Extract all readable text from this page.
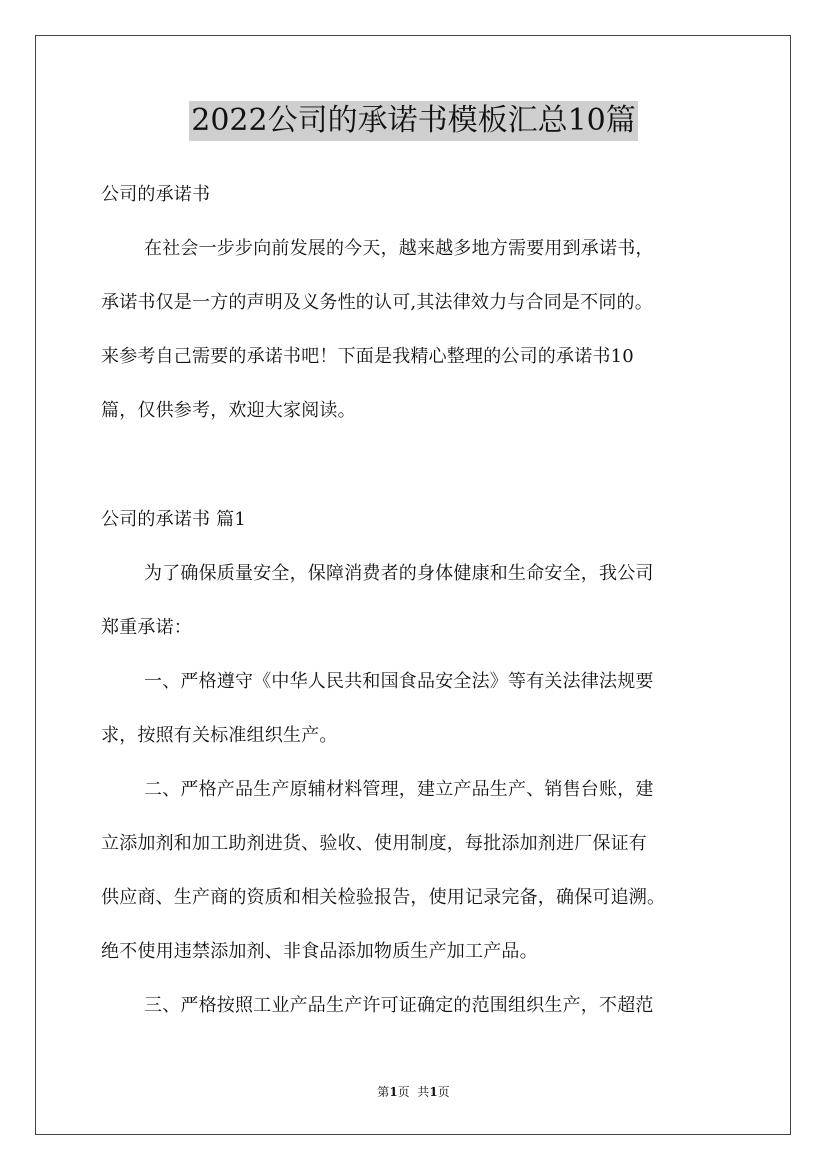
2022公司的承诺书模板汇总10篇
公司的承诺书
在社会一步步向前发展的今天，越来越多地方需要用到承诺书，
承诺书仅是一方的声明及义务性的认可,其法律效力与合同是不同的。
来参考自己需要的承诺书吧！下面是我精心整理的公司的承诺书10
篇，仅供参考，欢迎大家阅读。
公司的承诺书 篇1
为了确保质量安全，保障消费者的身体健康和生命安全，我公司
郑重承诺：
一、严格遵守《中华人民共和国食品安全法》等有关法律法规要
求，按照有关标准组织生产。
二、严格产品生产原辅材料管理，建立产品生产、销售台账，建
立添加剂和加工助剂进货、验收、使用制度，每批添加剂进厂保证有
供应商、生产商的资质和相关检验报告，使用记录完备，确保可追溯。
绝不使用违禁添加剂、非食品添加物质生产加工产品。
三、严格按照工业产品生产许可证确定的范围组织生产，不超范
第1页  共1页
